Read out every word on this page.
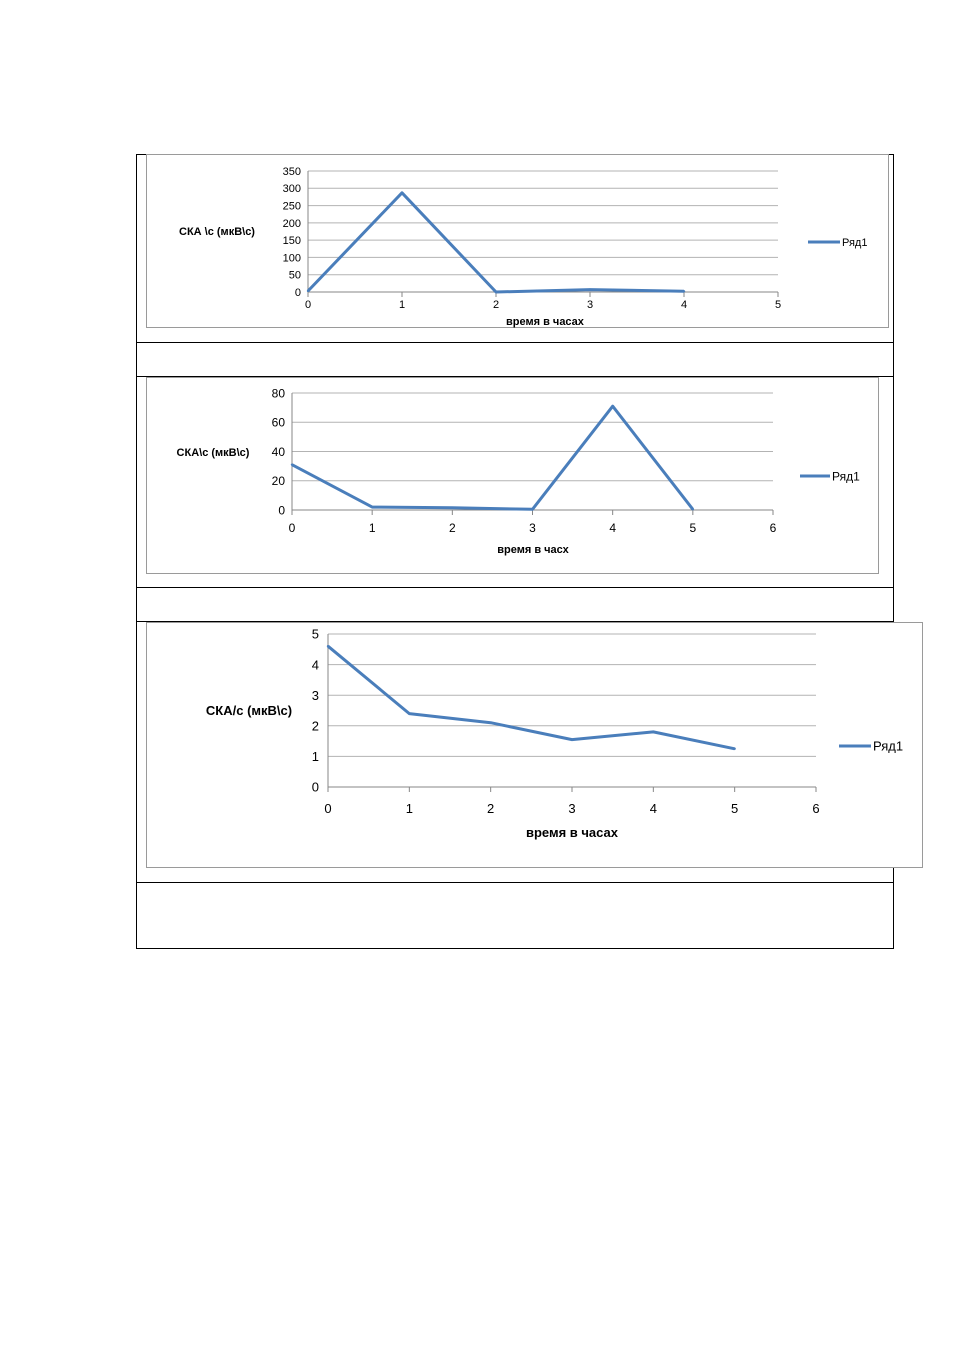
0
50
100
150
200
250
300
350
0	1	2	3	4	5
время в часах
СКА \с (мкВ\с)
Ряд1
0
20
40
60
80
0	1	2	3	4	5	6
время в часх
СКА\с (мкВ\с)
Ряд1
0
1
2
3
4
5
0	1	2	3	4	5	6
время в часах
СКА/с (мкВ\с)
Ряд1
